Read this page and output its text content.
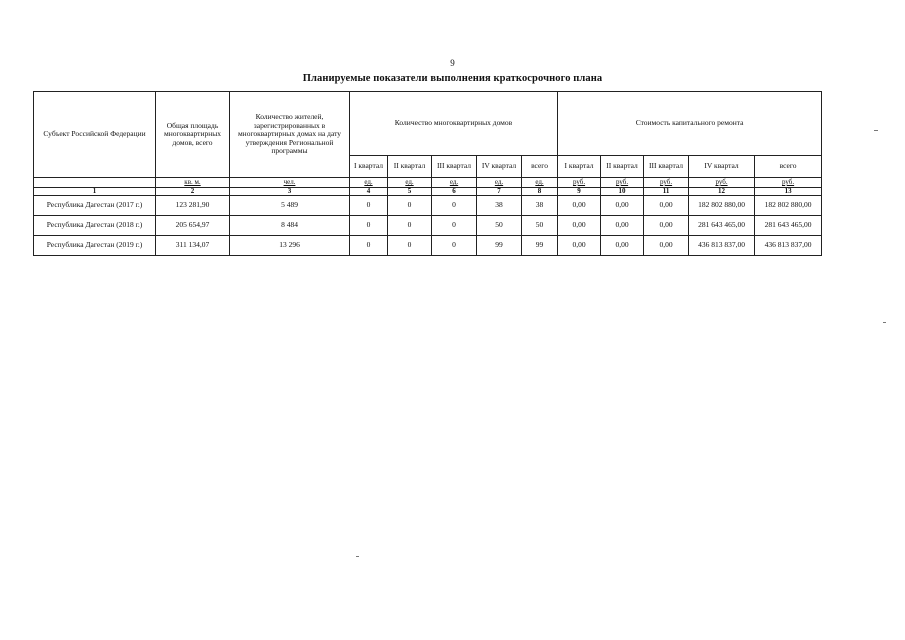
9
Планируемые показатели выполнения краткосрочного плана
Субъект Российской Федерации	Общая площадь многоквартирных домов, всего	Количество жителей, зарегистрированных в многоквартирных домах на дату утверждения Региональной программы	Количество многоквартирных домов					Стоимость капитального ремонта				
			I квартал	II квартал	III квартал	IV квартал	всего	I квартал	II квартал	III квартал	IV квартал	всего
	кв. м.	чел.	ед.	ед.	ед.	ед.	ед.	руб.	руб.	руб.	руб.	руб.
1	2	3	4	5	6	7	8	9	10	11	12	13
Республика Дагестан (2017 г.)	123 281,90	5 489	0	0	0	38	38	0,00	0,00	0,00	182 802 880,00	182 802 880,00
Республика Дагестан (2018 г.)	205 654,97	8 484	0	0	0	50	50	0,00	0,00	0,00	281 643 465,00	281 643 465,00
Республика Дагестан (2019 г.)	311 134,07	13 296	0	0	0	99	99	0,00	0,00	0,00	436 813 837,00	436 813 837,00
